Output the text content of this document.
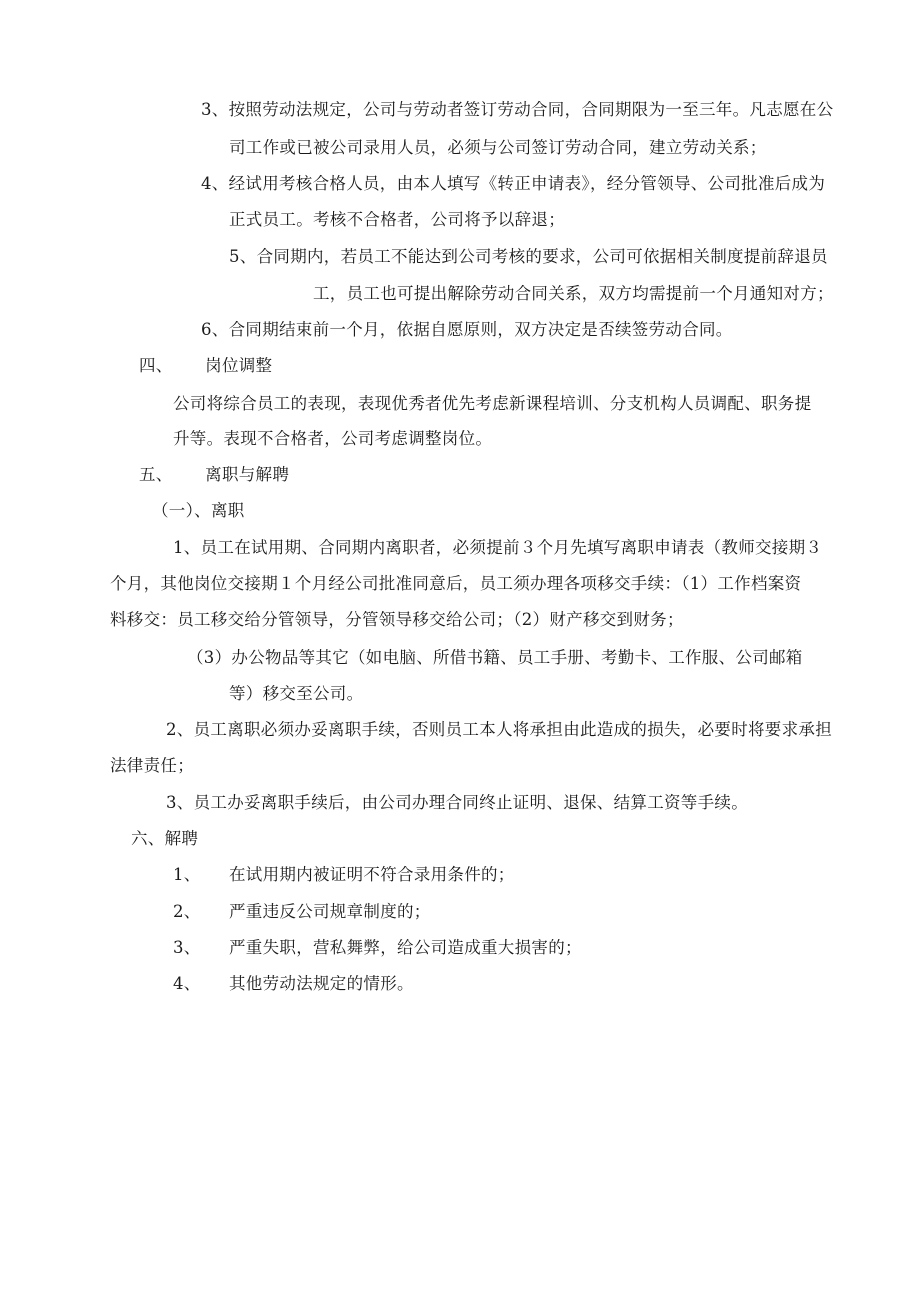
3、按照劳动法规定，公司与劳动者签订劳动合同，合同期限为一至三年。凡志愿在公
司工作或已被公司录用人员，必须与公司签订劳动合同，建立劳动关系；
4、经试用考核合格人员，由本人填写《转正申请表》，经分管领导、公司批准后成为
正式员工。考核不合格者，公司将予以辞退；
5、合同期内，若员工不能达到公司考核的要求，公司可依据相关制度提前辞退员
工，员工也可提出解除劳动合同关系，双方均需提前一个月通知对方；
6、合同期结束前一个月，依据自愿原则，双方决定是否续签劳动合同。
四、 岗位调整
公司将综合员工的表现，表现优秀者优先考虑新课程培训、分支机构人员调配、职务提
升等。表现不合格者，公司考虑调整岗位。
五、 离职与解聘
（一）、离职
1、员工在试用期、合同期内离职者，必须提前３个月先填写离职申请表（教师交接期３
个月，其他岗位交接期１个月经公司批准同意后，员工须办理各项移交手续：（1）工作档案资
料移交：员工移交给分管领导，分管领导移交给公司；（2）财产移交到财务；
（3）办公物品等其它（如电脑、所借书籍、员工手册、考勤卡、工作服、公司邮箱
等）移交至公司。
2、员工离职必须办妥离职手续，否则员工本人将承担由此造成的损失，必要时将要求承担
法律责任；
3、员工办妥离职手续后，由公司办理合同终止证明、退保、结算工资等手续。
六、解聘
1、 在试用期内被证明不符合录用条件的；
2、 严重违反公司规章制度的；
3、 严重失职，营私舞弊，给公司造成重大损害的；
4、 其他劳动法规定的情形。
